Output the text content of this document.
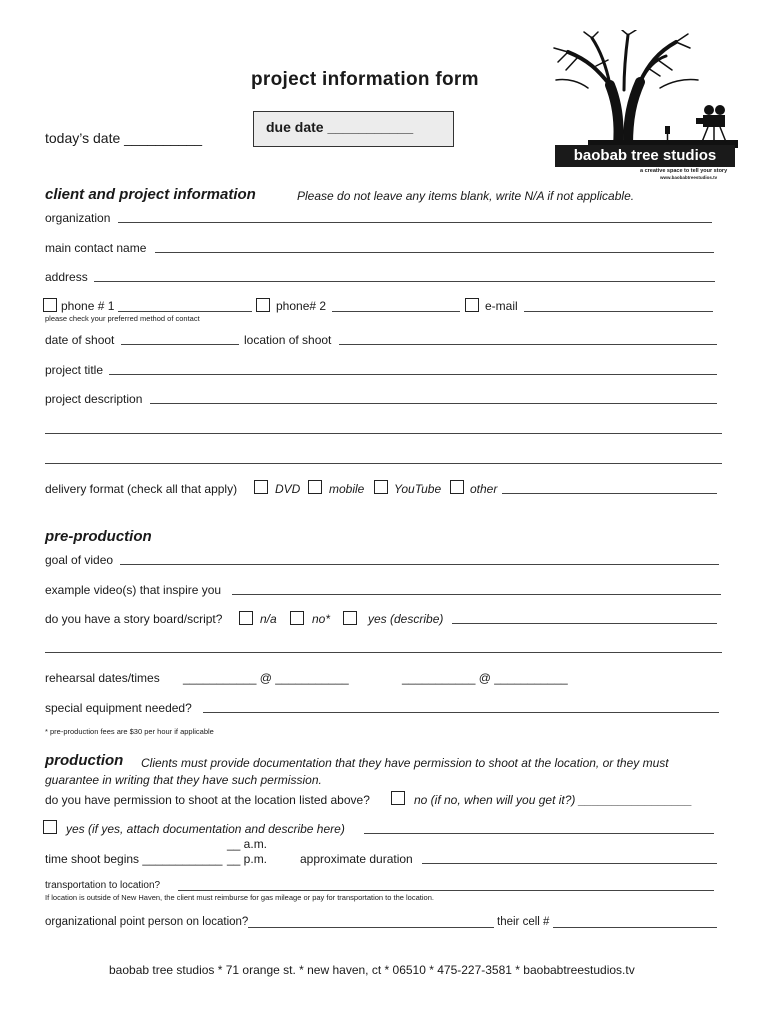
project information form
today’s date __________
due date ___________
baobab tree studios
a creative space to tell your story
www.baobabtreestudios.tv
client and project information	Please do not leave any items blank, write N/A if not applicable.
organization
main contact name
address
phone # 1	phone# 2	e-mail
please check your preferred method of contact
date of shoot	location of shoot
project title
project description
delivery format (check all that apply)	DVD mobile YouTube other
pre-production
goal of video
example video(s) that inspire you
do you have a story board/script?	n/a	no*	yes (describe)
rehearsal dates/times ___________ @ ___________	___________ @ ___________
special equipment needed?
* pre-production fees are $30 per hour if applicable
production Clients must provide documentation that they have permission to shoot at the location, or they must
guarantee in writing that they have such permission.
do you have permission to shoot at the location listed above?	no (if no, when will you get it?) _________________
yes (if yes, attach documentation and describe here)
__ a.m.
time shoot begins ____________ __ p.m.	approximate duration
transportation to location?
If location is outside of New Haven, the client must reimburse for gas mileage or pay for transportation to the location.
organizational point person on location?	their cell #
baobab tree studios * 71 orange st. * new haven, ct * 06510 * 475-227-3581 * baobabtreestudios.tv
